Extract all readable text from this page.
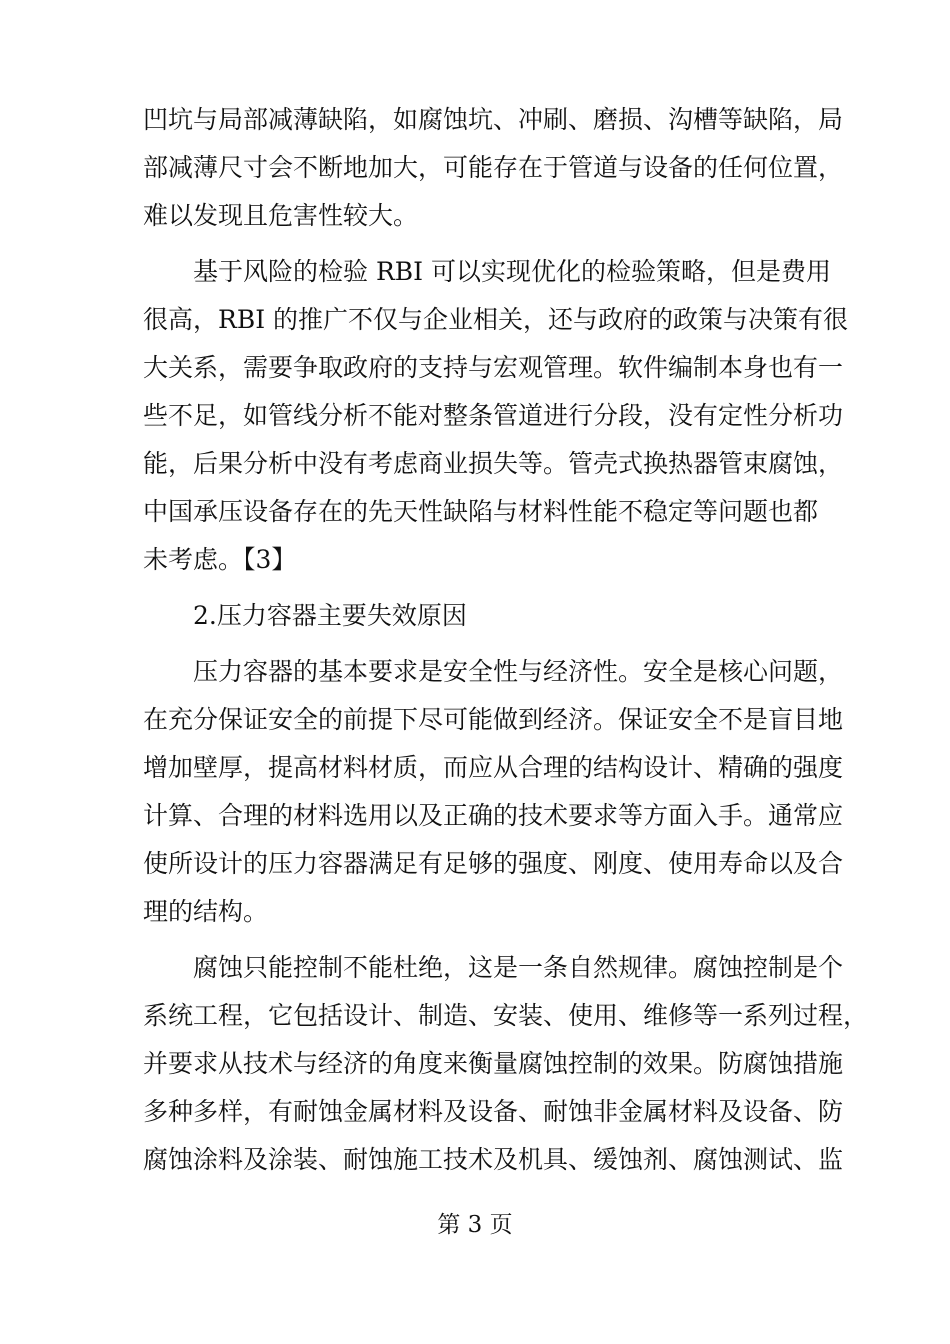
凹坑与局部减薄缺陷，如腐蚀坑、冲刷、磨损、沟槽等缺陷，局
部减薄尺寸会不断地加大，可能存在于管道与设备的任何位置，
难以发现且危害性较大。
基于风险的检验 RBI 可以实现优化的检验策略，但是费用
很高，RBI 的推广不仅与企业相关，还与政府的政策与决策有很
大关系，需要争取政府的支持与宏观管理。软件编制本身也有一
些不足，如管线分析不能对整条管道进行分段，没有定性分析功
能，后果分析中没有考虑商业损失等。管壳式换热器管束腐蚀，
中国承压设备存在的先天性缺陷与材料性能不稳定等问题也都
未考虑。【3】
2.压力容器主要失效原因
压力容器的基本要求是安全性与经济性。安全是核心问题，
在充分保证安全的前提下尽可能做到经济。保证安全不是盲目地
增加壁厚，提高材料材质，而应从合理的结构设计、精确的强度
计算、合理的材料选用以及正确的技术要求等方面入手。通常应
使所设计的压力容器满足有足够的强度、刚度、使用寿命以及合
理的结构。
腐蚀只能控制不能杜绝，这是一条自然规律。腐蚀控制是个
系统工程，它包括设计、制造、安装、使用、维修等一系列过程，
并要求从技术与经济的角度来衡量腐蚀控制的效果。防腐蚀措施
多种多样，有耐蚀金属材料及设备、耐蚀非金属材料及设备、防
腐蚀涂料及涂装、耐蚀施工技术及机具、缓蚀剂、腐蚀测试、监
第 3 页
